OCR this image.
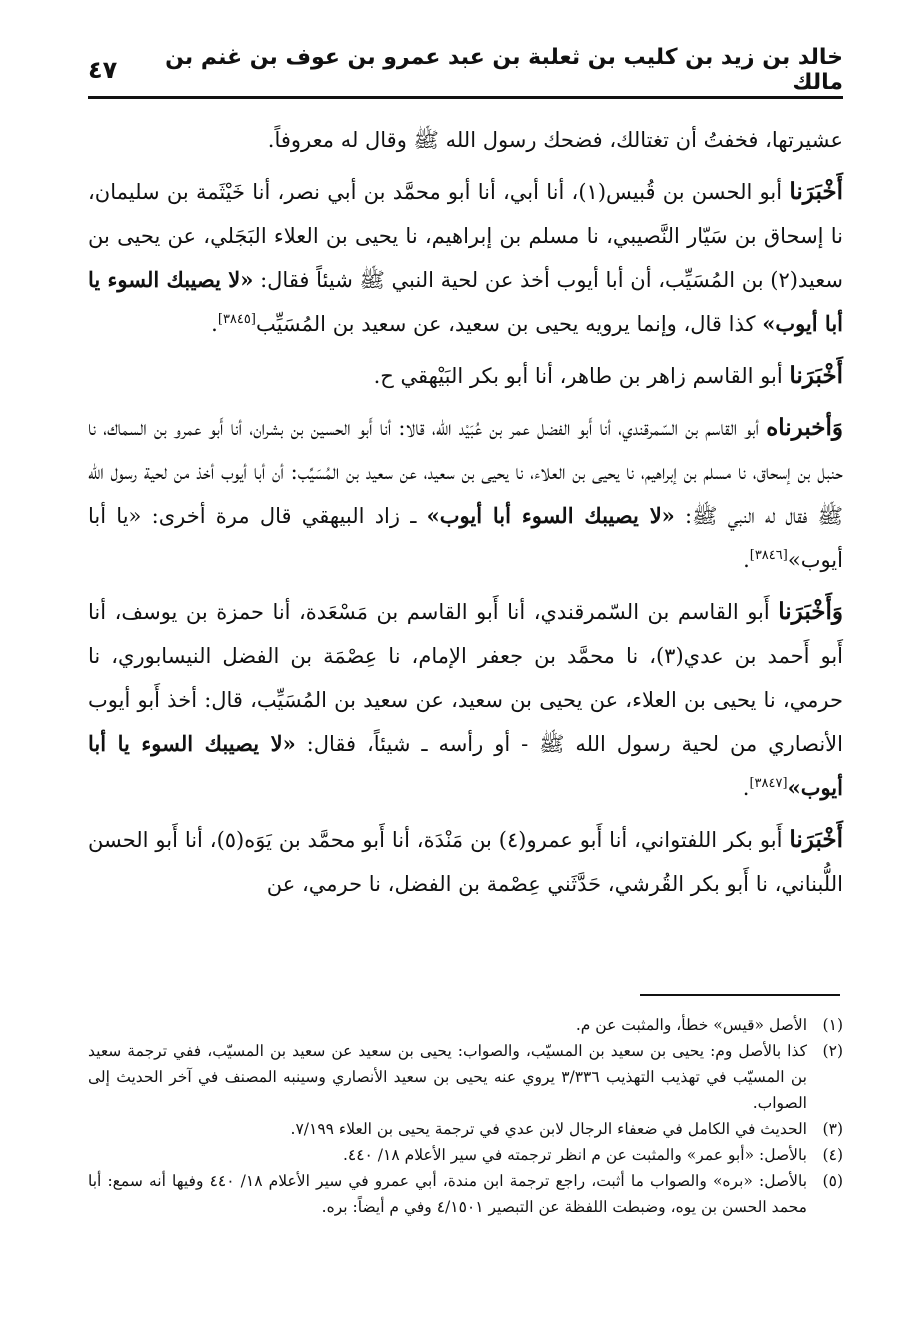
خالد بن زيد بن كليب بن ثعلبة بن عبد عمرو بن عوف بن غنم بن مالك
٤٧

عشيرتها، فخفتُ أن تغتالك، فضحك رسول الله ﷺ وقال له معروفاً.

أَخْبَرَنا أبو الحسن بن قُبيس(١)، أنا أبي، أنا أبو محمَّد بن أبي نصر، أنا خَيْثَمة بن سليمان، نا إسحاق بن سَيّار النَّصيبي، نا مسلم بن إبراهيم، نا يحيى بن العلاء البَجَلي، عن يحيى بن سعيد(٢) بن المُسَيِّب، أن أبا أيوب أخذ عن لحية النبي ﷺ شيئاً فقال: «لا يصيبك السوء يا أبا أيوب» كذا قال، وإنما يرويه يحيى بن سعيد، عن سعيد بن المُسَيِّب[٣٨٤٥].

أَخْبَرَنا أبو القاسم زاهر بن طاهر، أنا أبو بكر البَيْهقي ح.

وَأخبرناه أبو القاسم بن السّمرقندي، أنا أَبو الفضل عمر بن عُبَيْد الله، قالا: أنا أَبو الحسين بن بشران، أنا أَبو عمرو بن السماك، نا حنبل بن إسحاق، نا مسلم بن إبراهيم، نا يحيى بن العلاء، نا يحيى بن سعيد، عن سعيد بن المُسَيِّب: أن أبا أيوب أخذ من لحية رسول الله ﷺ فقال له النبي ﷺ: «لا يصيبك السوء أبا أيوب» ـ زاد البيهقي قال مرة أخرى: «يا أبا أيوب»[٣٨٤٦].

وَأَخْبَرَنا أَبو القاسم بن السّمرقندي، أنا أَبو القاسم بن مَسْعَدة، أنا حمزة بن يوسف، أنا أَبو أَحمد بن عدي(٣)، نا محمَّد بن جعفر الإمام، نا عِصْمَة بن الفضل النيسابوري، نا حرمي، نا يحيى بن العلاء، عن يحيى بن سعيد، عن سعيد بن المُسَيِّب، قال: أخذ أَبو أيوب الأنصاري من لحية رسول الله ﷺ - أو رأسه ـ شيئاً، فقال: «لا يصيبك السوء يا أبا أيوب»[٣٨٤٧].

أَخْبَرَنا أَبو بكر اللفتواني، أنا أَبو عمرو(٤) بن مَنْدَة، أنا أَبو محمَّد بن يَوَه(٥)، أنا أَبو الحسن اللُّبناني، نا أَبو بكر القُرشي، حَدَّثَني عِصْمة بن الفضل، نا حرمي، عن

(١)
الأصل «قيس» خطأ، والمثبت عن م.

(٢)
كذا بالأصل وم: يحيى بن سعيد بن المسيّب، والصواب: يحيى بن سعيد عن سعيد بن المسيّب، ففي ترجمة سعيد بن المسيّب في تهذيب التهذيب ٣/٣٣٦ يروي عنه يحيى بن سعيد الأنصاري وسينبه المصنف في آخر الحديث إلى الصواب.

(٣)
الحديث في الكامل في ضعفاء الرجال لابن عدي في ترجمة يحيى بن العلاء ٧/١٩٩.

(٤)
بالأصل: «أبو عمر» والمثبت عن م انظر ترجمته في سير الأعلام ١٨/ ٤٤٠.

(٥)
بالأصل: «بره» والصواب ما أثبت، راجع ترجمة ابن مندة، أبي عمرو في سير الأعلام ١٨/ ٤٤٠ وفيها أنه سمع: أبا محمد الحسن بن يوه، وضبطت اللفظة عن التبصير ٤/١٥٠١ وفي م أيضاً: بره.
